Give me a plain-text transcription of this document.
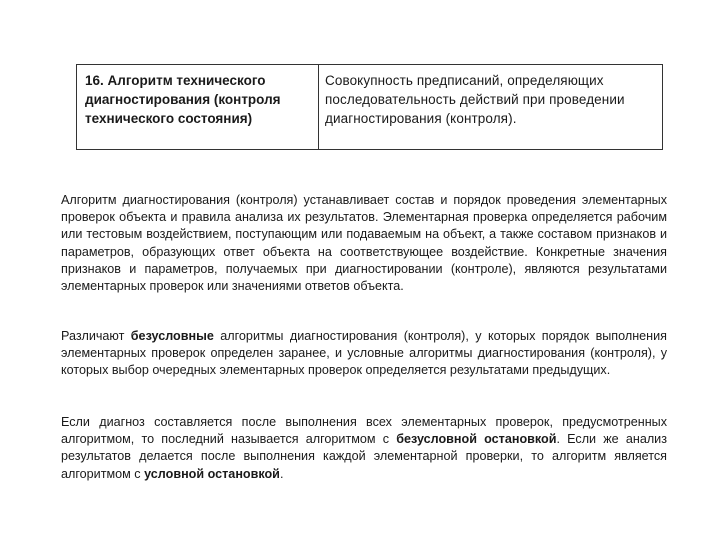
16. Алгоритм технического диагностирования (контроля технического состояния)
Совокупность предписаний, определяющих последовательность действий при проведении диагностирования (контроля).

Алгоритм диагностирования (контроля) устанавливает состав и порядок проведения элементарных проверок объекта и правила анализа их результатов. Элементарная проверка определяется рабочим или тестовым воздействием, поступающим или подаваемым на объект, а также составом признаков и параметров, образующих ответ объекта на соответствующее воздействие. Конкретные значения признаков и параметров, получаемых при диагностировании (контроле), являются результатами элементарных проверок или значениями ответов объекта.

Различают безусловные алгоритмы диагностирования (контроля), у которых порядок выполнения элементарных проверок определен заранее, и условные алгоритмы диагностирования (контроля), у которых выбор очередных элементарных проверок определяется результатами предыдущих.

Если диагноз составляется после выполнения всех элементарных проверок, предусмотренных алгоритмом, то последний называется алгоритмом с безусловной остановкой. Если же анализ результатов делается после выполнения каждой элементарной проверки, то алгоритм является алгоритмом с условной остановкой.
